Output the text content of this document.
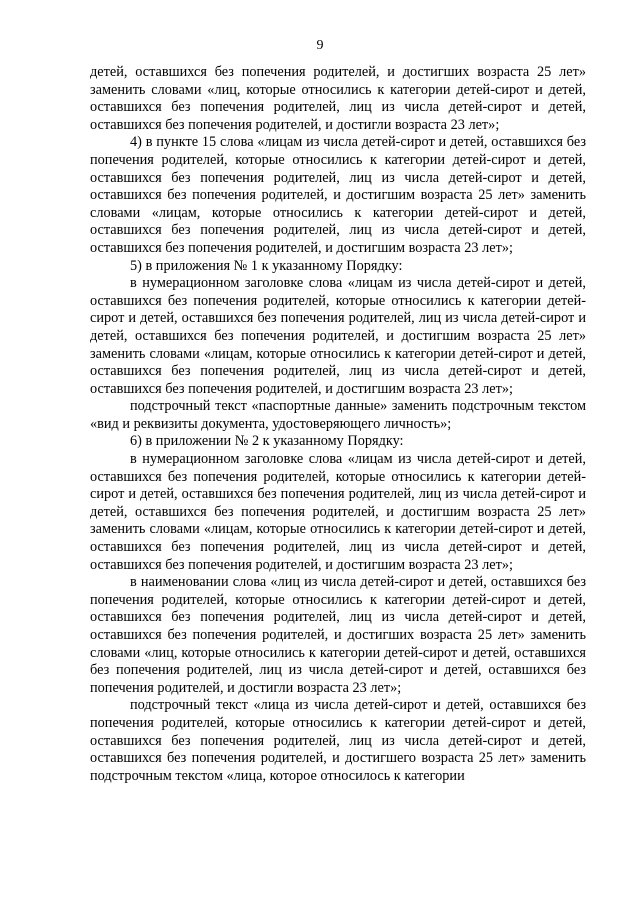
9

детей, оставшихся без попечения родителей, и достигших возраста 25 лет» заменить словами «лиц, которые относились к категории детей-сирот и детей, оставшихся без попечения родителей, лиц из числа детей-сирот и детей, оставшихся без попечения родителей, и достигли возраста 23 лет»;

4) в пункте 15 слова «лицам из числа детей-сирот и детей, оставшихся без попечения родителей, которые относились к категории детей-сирот и детей, оставшихся без попечения родителей, лиц из числа детей-сирот и детей, оставшихся без попечения родителей, и достигшим возраста 25 лет» заменить словами «лицам, которые относились к категории детей-сирот и детей, оставшихся без попечения родителей, лиц из числа детей-сирот и детей, оставшихся без попечения родителей, и достигшим возраста 23 лет»;

5) в приложения № 1 к указанному Порядку:

в нумерационном заголовке слова «лицам из числа детей-сирот и детей, оставшихся без попечения родителей, которые относились к категории детей-сирот и детей, оставшихся без попечения родителей, лиц из числа детей-сирот и детей, оставшихся без попечения родителей, и достигшим возраста 25 лет» заменить словами «лицам, которые относились к категории детей-сирот и детей, оставшихся без попечения родителей, лиц из числа детей-сирот и детей, оставшихся без попечения родителей, и достигшим возраста 23 лет»;

подстрочный текст «паспортные данные» заменить подстрочным текстом «вид и реквизиты документа, удостоверяющего личность»;

6) в приложении № 2 к указанному Порядку:

в нумерационном заголовке слова «лицам из числа детей-сирот и детей, оставшихся без попечения родителей, которые относились к категории детей-сирот и детей, оставшихся без попечения родителей, лиц из числа детей-сирот и детей, оставшихся без попечения родителей, и достигшим возраста 25 лет» заменить словами «лицам, которые относились к категории детей-сирот и детей, оставшихся без попечения родителей, лиц из числа детей-сирот и детей, оставшихся без попечения родителей, и достигшим возраста 23 лет»;

в наименовании слова «лиц из числа детей-сирот и детей, оставшихся без попечения родителей, которые относились к категории детей-сирот и детей, оставшихся без попечения родителей, лиц из числа детей-сирот и детей, оставшихся без попечения родителей, и достигших возраста 25 лет» заменить словами «лиц, которые относились к категории детей-сирот и детей, оставшихся без попечения родителей, лиц из числа детей-сирот и детей, оставшихся без попечения родителей, и достигли возраста 23 лет»;

подстрочный текст «лица из числа детей-сирот и детей, оставшихся без попечения родителей, которые относились к категории детей-сирот и детей, оставшихся без попечения родителей, лиц из числа детей-сирот и детей, оставшихся без попечения родителей, и достигшего возраста 25 лет» заменить подстрочным текстом «лица, которое относилось к категории
